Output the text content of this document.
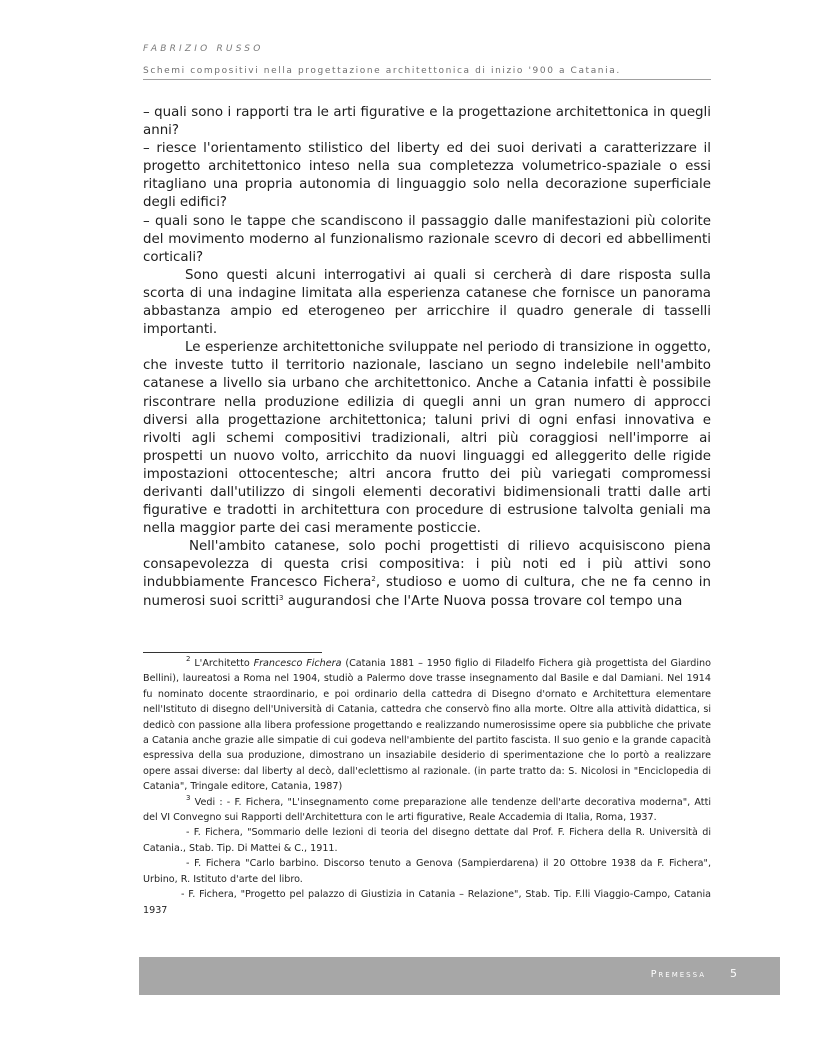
FABRIZIO RUSSO
Schemi compositivi nella progettazione architettonica di inizio '900 a Catania.

– quali sono i rapporti tra le arti figurative e la progettazione architettonica in quegli anni?

– riesce l'orientamento stilistico del liberty ed dei suoi derivati a caratterizzare il progetto architettonico inteso nella sua completezza volumetrico-spaziale o essi ritagliano una propria autonomia di linguaggio solo nella decorazione superficiale degli edifici?

– quali sono le tappe che scandiscono il passaggio dalle manifestazioni più colorite del movimento moderno al funzionalismo razionale scevro di decori ed abbellimenti corticali?

Sono questi alcuni interrogativi ai quali si cercherà di dare risposta sulla scorta di una indagine limitata alla esperienza catanese che fornisce un panorama abbastanza ampio ed eterogeneo per arricchire il quadro generale di tasselli importanti.

Le esperienze architettoniche sviluppate nel periodo di transizione in oggetto, che investe tutto il territorio nazionale, lasciano un segno indelebile nell'ambito catanese a livello sia urbano che architettonico. Anche a Catania infatti è possibile riscontrare nella produzione edilizia di quegli anni un gran numero di approcci diversi alla progettazione architettonica; taluni privi di ogni enfasi innovativa e rivolti agli schemi compositivi tradizionali, altri più coraggiosi nell'imporre ai prospetti un nuovo volto, arricchito da nuovi linguaggi ed alleggerito delle rigide impostazioni ottocentesche; altri ancora frutto dei più variegati compromessi derivanti dall'utilizzo di singoli elementi decorativi bidimensionali tratti dalle arti figurative e tradotti in architettura con procedure di estrusione talvolta geniali ma nella maggior parte dei casi meramente posticcie.

Nell'ambito catanese, solo pochi progettisti di rilievo acquisiscono piena consapevolezza di questa crisi compositiva: i più noti ed i più attivi sono indubbiamente Francesco Fichera$^2$, studioso e uomo di cultura, che ne fa cenno in numerosi suoi scritti$^3$ augurandosi che l'Arte Nuova possa trovare col tempo una

$^2$ L'Architetto Francesco Fichera (Catania 1881 – 1950 figlio di Filadelfo Fichera già progettista del Giardino Bellini), laureatosi a Roma nel 1904, studiò a Palermo dove trasse insegnamento dal Basile e dal Damiani. Nel 1914 fu nominato docente straordinario, e poi ordinario della cattedra di Disegno d'ornato e Architettura elementare nell'Istituto di disegno dell'Università di Catania, cattedra che conservò fino alla morte. Oltre alla attività didattica, si dedicò con passione alla libera professione progettando e realizzando numerosissime opere sia pubbliche che private a Catania anche grazie alle simpatie di cui godeva nell'ambiente del partito fascista. Il suo genio e la grande capacità espressiva della sua produzione, dimostrano un insaziabile desiderio di sperimentazione che lo portò a realizzare opere assai diverse: dal liberty al decò, dall'eclettismo al razionale. (in parte tratto da: S. Nicolosi in "Enciclopedia di Catania", Tringale editore, Catania, 1987)

$^3$ Vedi : - F. Fichera, "L'insegnamento come preparazione alle tendenze dell'arte decorativa moderna", Atti del VI Convegno sui Rapporti dell'Architettura con le arti figurative, Reale Accademia di Italia, Roma, 1937.

- F. Fichera, "Sommario delle lezioni di teoria del disegno dettate dal Prof. F. Fichera della R. Università di Catania., Stab. Tip. Di Mattei & C., 1911.

- F. Fichera "Carlo barbino. Discorso tenuto a Genova (Sampierdarena) il 20 Ottobre 1938 da F. Fichera", Urbino, R. Istituto d'arte del libro.

- F. Fichera, "Progetto pel palazzo di Giustizia in Catania – Relazione", Stab. Tip. F.lli Viaggio-Campo, Catania 1937

Premessa 5
